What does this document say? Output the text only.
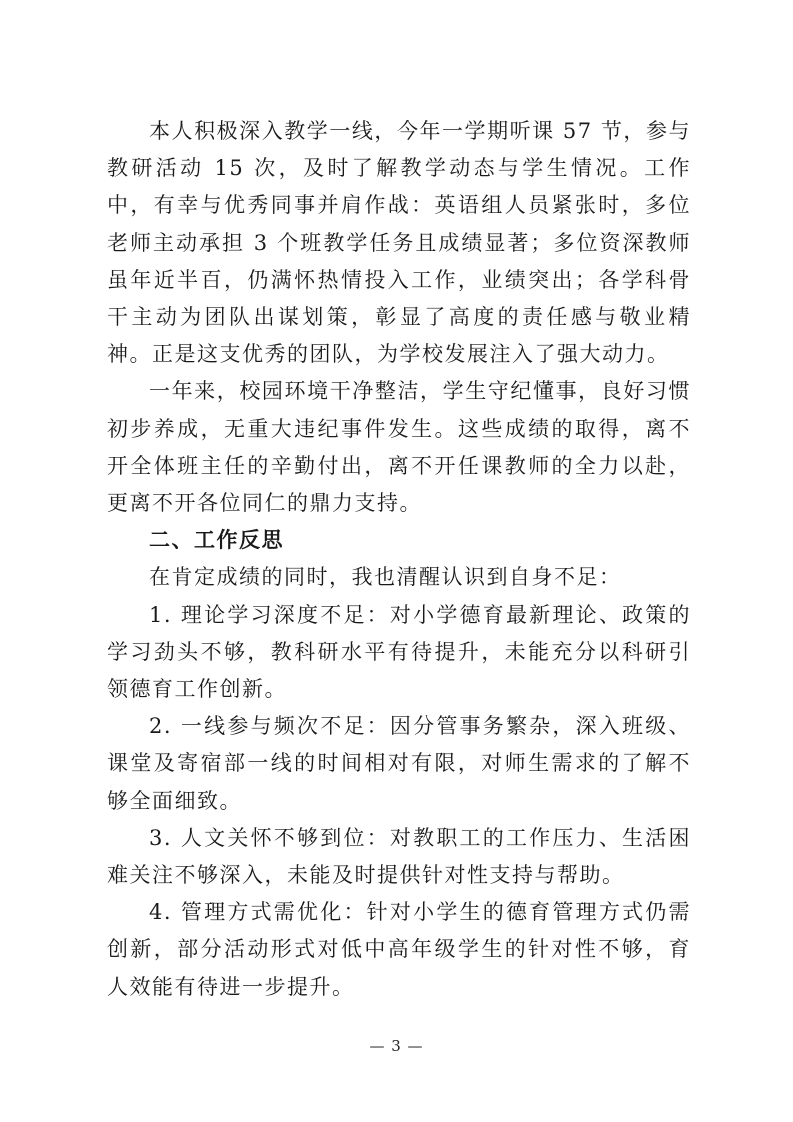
本人积极深入教学一线，今年一学期听课 57 节，参与教研活动 15 次，及时了解教学动态与学生情况。工作中，有幸与优秀同事并肩作战：英语组人员紧张时，多位老师主动承担 3 个班教学任务且成绩显著；多位资深教师虽年近半百，仍满怀热情投入工作，业绩突出；各学科骨干主动为团队出谋划策，彰显了高度的责任感与敬业精神。正是这支优秀的团队，为学校发展注入了强大动力。

一年来，校园环境干净整洁，学生守纪懂事，良好习惯初步养成，无重大违纪事件发生。这些成绩的取得，离不开全体班主任的辛勤付出，离不开任课教师的全力以赴，更离不开各位同仁的鼎力支持。

二、工作反思

在肯定成绩的同时，我也清醒认识到自身不足：

1. 理论学习深度不足：对小学德育最新理论、政策的学习劲头不够，教科研水平有待提升，未能充分以科研引领德育工作创新。

2. 一线参与频次不足：因分管事务繁杂，深入班级、课堂及寄宿部一线的时间相对有限，对师生需求的了解不够全面细致。

3. 人文关怀不够到位：对教职工的工作压力、生活困难关注不够深入，未能及时提供针对性支持与帮助。

4. 管理方式需优化：针对小学生的德育管理方式仍需创新，部分活动形式对低中高年级学生的针对性不够，育人效能有待进一步提升。

— 3 —
